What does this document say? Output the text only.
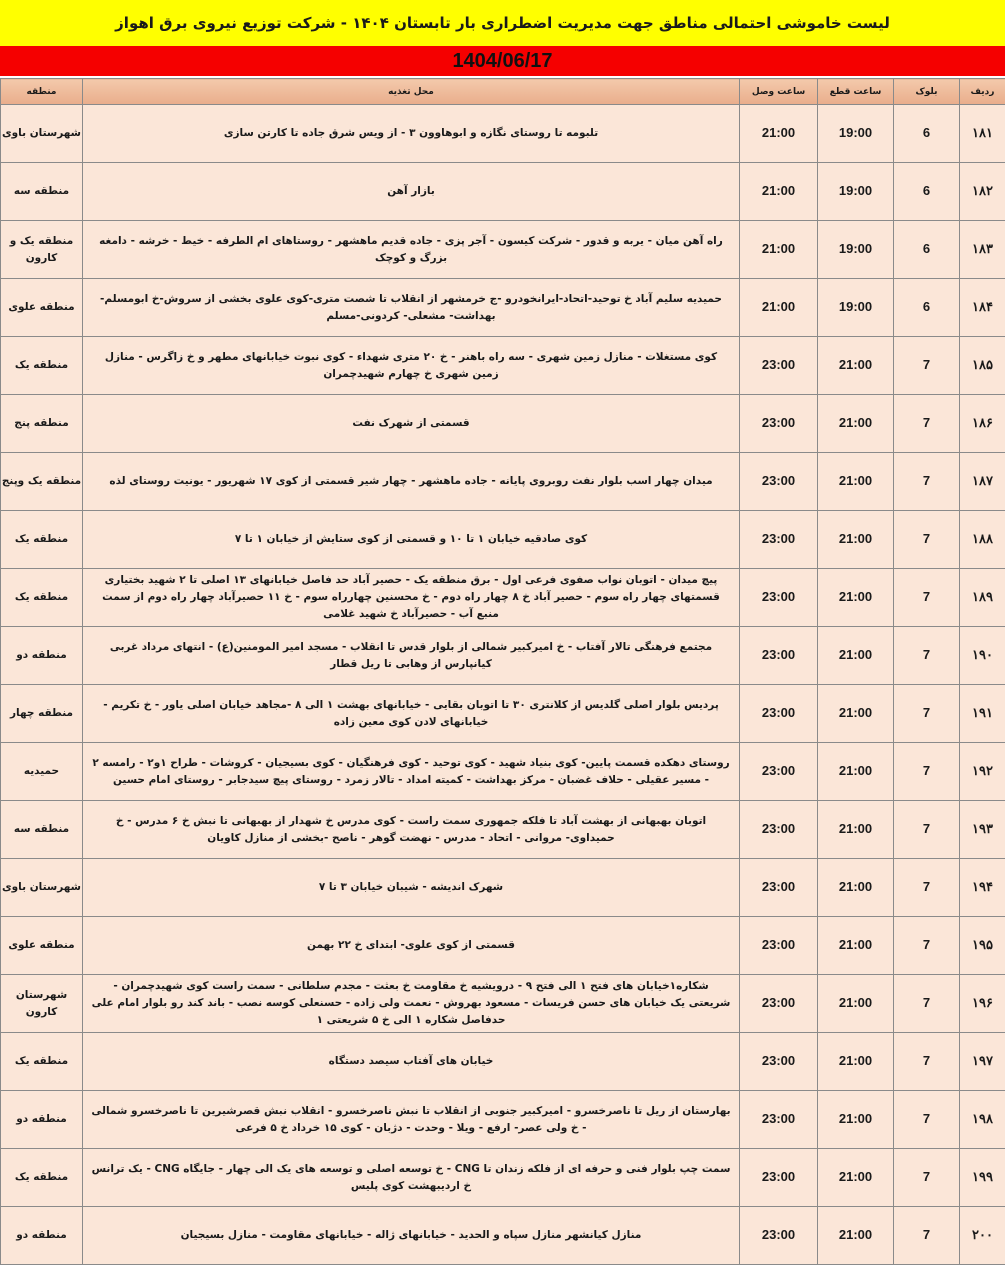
لیست خاموشی احتمالی مناطق جهت مدیریت اضطراری بار تابستان ۱۴۰۴ - شرکت توزیع نیروی برق اهواز
1404/06/17
ردیف	بلوک	ساعت قطع	ساعت وصل	محل تغذیه	منطقه
۱۸۱	6	19:00	21:00	تلبومه تا روستای نگازه و ابوهاوون ۳ - از ویس شرق جاده تا کارتن سازی	شهرستان باوی
۱۸۲	6	19:00	21:00	بازار آهن	منطقه سه
۱۸۳	6	19:00	21:00	راه آهن میان - یربه و قدور - شرکت کیسون - آجر پزی - جاده قدیم ماهشهر - روستاهای ام الطرفه - خیط - خرشه - دامغه بزرگ و کوچک	منطقه یک و کارون
۱۸۴	6	19:00	21:00	حمیدیه سلیم آباد خ توحید-اتحاد-ایرانخودرو -ج خرمشهر از انقلاب تا شصت متری-کوی علوی بخشی از سروش-خ ابومسلم- بهداشت- مشعلی- کردونی-مسلم	منطقه علوی
۱۸۵	7	21:00	23:00	کوی مستغلات - منازل زمین شهری - سه راه باهنر - خ ۲۰ متری شهداء - کوی نبوت خیابانهای مطهر و خ زاگرس - منازل زمین شهری خ چهارم شهیدچمران	منطقه یک
۱۸۶	7	21:00	23:00	قسمتی از شهرک نفت	منطقه پنج
۱۸۷	7	21:00	23:00	میدان چهار اسب بلوار نفت روبروی پایانه - جاده ماهشهر - چهار شیر قسمتی از کوی ۱۷ شهریور - یونیت روستای لذه	منطقه یک وپنج
۱۸۸	7	21:00	23:00	کوی صادقیه خیابان ۱ تا ۱۰ و قسمتی از کوی ستایش از خیابان ۱ تا ۷	منطقه یک
۱۸۹	7	21:00	23:00	پیچ میدان - اتوبان نواب صفوی فرعی اول - برق منطقه یک - حصیر آباد حد فاصل خیابانهای ۱۳ اصلی تا ۲ شهید بختیاری قسمتهای چهار راه سوم - حصیر آباد خ ۸ چهار راه دوم - خ محسنین چهارراه سوم - خ ۱۱ حصیرآباد چهار راه دوم از سمت منبع آب - حصیرآباد خ شهید غلامی	منطقه یک
۱۹۰	7	21:00	23:00	مجتمع فرهنگی تالار آفتاب - خ امیرکبیر شمالی از بلوار قدس تا انقلاب - مسجد امیر المومنین(ع) - انتهای مرداد غربی کیانپارس از وهابی تا ریل قطار	منطقه دو
۱۹۱	7	21:00	23:00	پردیس بلوار اصلی گلدیس از کلانتری ۳۰ تا اتوبان بقایی - خیابانهای بهشت ۱ الی ۸ -مجاهد خیابان اصلی یاور - خ تکریم - خیابانهای لادن کوی معین زاده	منطقه چهار
۱۹۲	7	21:00	23:00	روستای دهکده قسمت پایین- کوی بنیاد شهید - کوی توحید - کوی فرهنگیان - کوی بسیجیان - کروشات - طراح ۱و۲ - رامسه ۲ - مسیر عقیلی - حلاف غضبان - مرکز بهداشت - کمیته امداد - تالار زمرد - روستای پیچ سیدجابر - روستای امام حسین	حمیدیه
۱۹۳	7	21:00	23:00	اتوبان بهبهانی از بهشت آباد تا فلکه جمهوری سمت راست - کوی مدرس خ شهدار از بهبهانی تا نبش خ ۶ مدرس - خ حمیداوی- مروانی - اتحاد - مدرس - نهضت گوهر - ناصح -بخشی از منازل کاویان	منطقه سه
۱۹۴	7	21:00	23:00	شهرک اندیشه - شیبان خیابان ۳ تا ۷	شهرستان باوی
۱۹۵	7	21:00	23:00	قسمتی از کوی علوی- ابتدای خ ۲۲ بهمن	منطقه علوی
۱۹۶	7	21:00	23:00	شکاره۱خیابان های فتح ۱ الی فتح ۹ - درویشیه خ مقاومت خ بعثت - مجدم سلطانی - سمت راست کوی شهیدچمران - شریعتی یک خیابان های حسن فریسات - مسعود بهروش - نعمت ولی زاده - حسنعلی کوسه نصب - باند کند رو بلوار امام علی حدفاصل شکاره ۱ الی خ ۵ شریعتی ۱	شهرستان کارون
۱۹۷	7	21:00	23:00	خیابان های آفتاب سیصد دستگاه	منطقه یک
۱۹۸	7	21:00	23:00	بهارستان از ریل تا ناصرخسرو - امیرکبیر جنوبی از انقلاب تا نبش ناصرخسرو - انقلاب نبش قصرشیرین تا ناصرخسرو شمالی - خ ولی عصر- ارفع - ویلا - وحدت - دژبان - کوی ۱۵ خرداد خ ۵ فرعی	منطقه دو
۱۹۹	7	21:00	23:00	سمت چپ بلوار فنی و حرفه ای از فلکه زندان تا CNG - خ توسعه اصلی و توسعه های یک الی چهار - جایگاه CNG - یک ترانس خ اردیبهشت کوی پلیس	منطقه یک
۲۰۰	7	21:00	23:00	منازل کیانشهر منازل سپاه و الحدید - خیابانهای ژاله - خیابانهای مقاومت - منازل بسیجیان	منطقه دو
